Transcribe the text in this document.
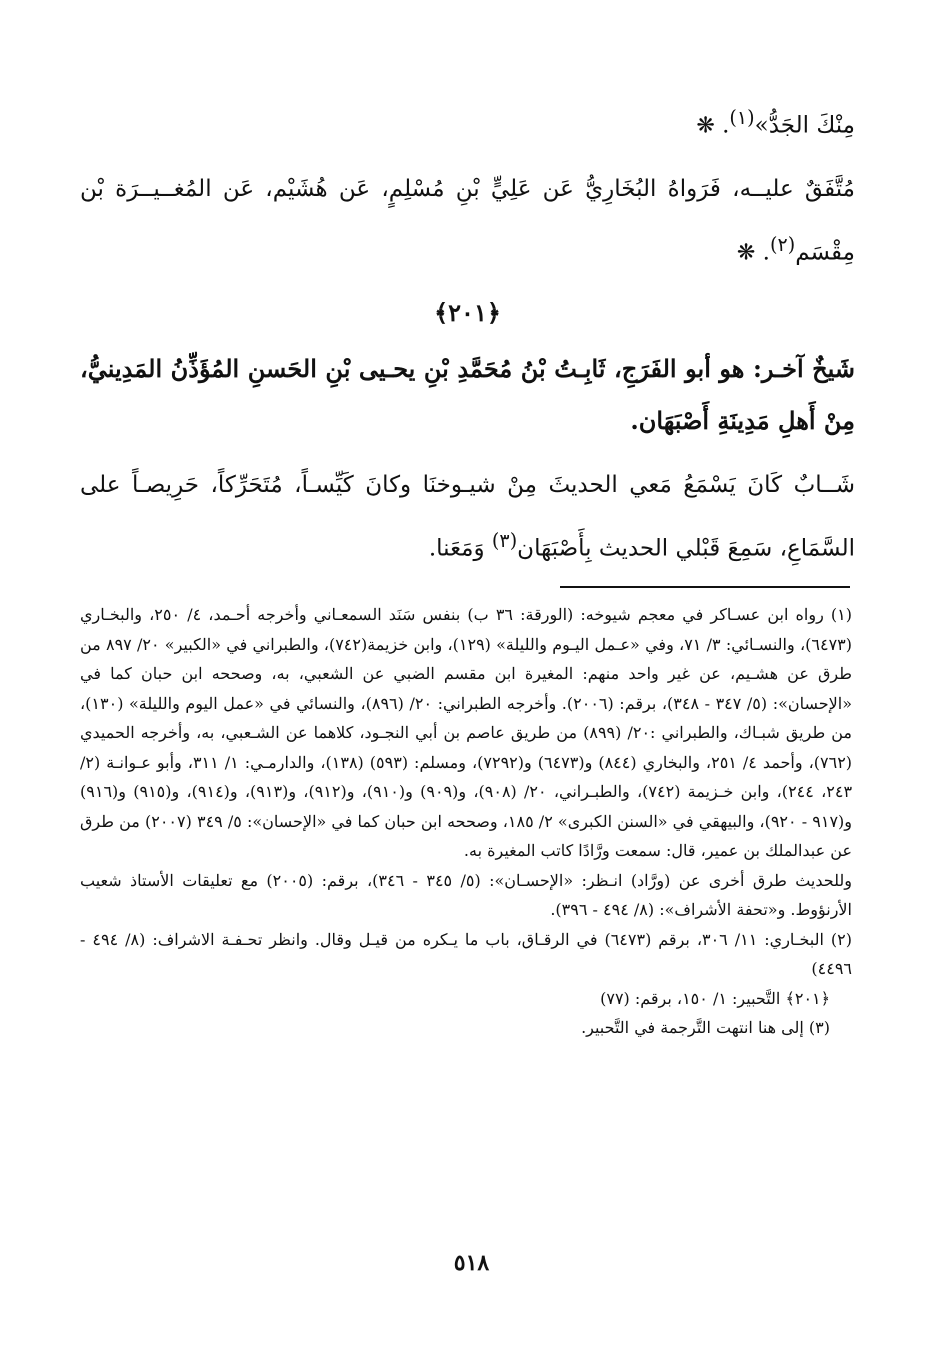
مِنْكَ الجَدُّ»$^{(١)}$. ❋

مُتَّفَقٌ عليــه، فَرَواهُ البُخَارِيُّ عَن عَلِيٍّ بْنِ مُسْلِمٍ، عَن هُشَيْم، عَن المُغــيــرَة بْن مِقْسَم$^{(٢)}$. ❋

﴿٢٠١﴾

شَيخٌ آخـر: هو أبو الفَرَجِ، ثَابِـتُ بْنُ مُحَمَّدِ بْنِ يحـيى بْنِ الحَسنِ المُؤَذِّنُ المَدِينيُّ، مِنْ أَهلِ مَدِينَةِ أَصْبَهَان.

شَــابٌ كَانَ يَسْمَعُ مَعي الحديثَ مِنْ شيـوخنَا وكانَ كَيِّسـاً، مُتَحَرِّكاً، حَرِيصـاً على السَّمَاعِ، سَمِعَ قَبْلي الحديث بِأَصْبَهَان$^{(٣)}$ وَمَعَنا.

(١) رواه ابن عسـاكر في معجم شيوخه: (الورقة: ٣٦ ب) بنفس سَنَد السمعـاني وأخرجه أحـمد، ٤/ ٢٥٠، والبخـاري (٦٤٧٣)، والنسـائي: ٣/ ٧١، وفي «عـمل اليـوم والليلة» (١٢٩)، وابن خزيمة(٧٤٢)، والطبراني في «الكبير» ٢٠/ ٨٩٧ من طرق عن هشـيم، عن غير واحد منهم: المغيرة ابن مقسم الضبي عن الشعبي، به، وصححه ابن حبان كما في «الإحسان»: (٥/ ٣٤٧ - ٣٤٨)، برقم: (٢٠٠٦). وأخرجه الطبراني: ٢٠/ (٨٩٦)، والنسائي في «عمل اليوم والليلة» (١٣٠)، من طريق شبـاك، والطبراني :٢٠/ (٨٩٩) من طريق عاصم بن أبي النجـود، كلاهما عن الشـعبي، به، وأخرجه الحميدي (٧٦٢)، وأحمد ٤/ ٢٥١، والبخاري (٨٤٤) و(٦٤٧٣) و(٧٢٩٢)، ومسلم: (٥٩٣) (١٣٨)، والدارمـي: ١/ ٣١١، وأبو عـوانـة (٢/ ٢٤٣، ٢٤٤)، وابن خـزيمة (٧٤٢)، والطبـراني، ٢٠/ (٩٠٨)، و(٩٠٩) و(٩١٠)، و(٩١٢)، و(٩١٣)، و(٩١٤)، و(٩١٥) و(٩١٦) و(٩١٧ - ٩٢٠)، والبيهقي في «السنن الكبرى» ٢/ ١٨٥، وصححه ابن حبان كما في «الإحسان»: ٥/ ٣٤٩ (٢٠٠٧) من طرق عن عبدالملك بن عمير، قال: سمعت ورَّادًا كاتب المغيرة به.

وللحديث طرق أخرى عن (ورَّاد) انـظر: «الإحسـان»: (٥/ ٣٤٥ - ٣٤٦)، برقم: (٢٠٠٥) مع تعليقات الأستاذ شعيب الأرنؤوط. و«تحفة الأشراف»: (٨/ ٤٩٤ - ٣٩٦).

(٢) البخـاري: ١١/ ٣٠٦، برقم (٦٤٧٣) في الرقـاق، باب ما يـكره من قيـل وقال. وانظر تحـفـة الاشراف: (٨/ ٤٩٤ - ٤٤٩٦)

﴿٢٠١﴾ التَّحبير: ١/ ١٥٠، برقم: (٧٧)

(٣) إلى هنا انتهت التَّرجمة في التَّحبير.

٥١٨
